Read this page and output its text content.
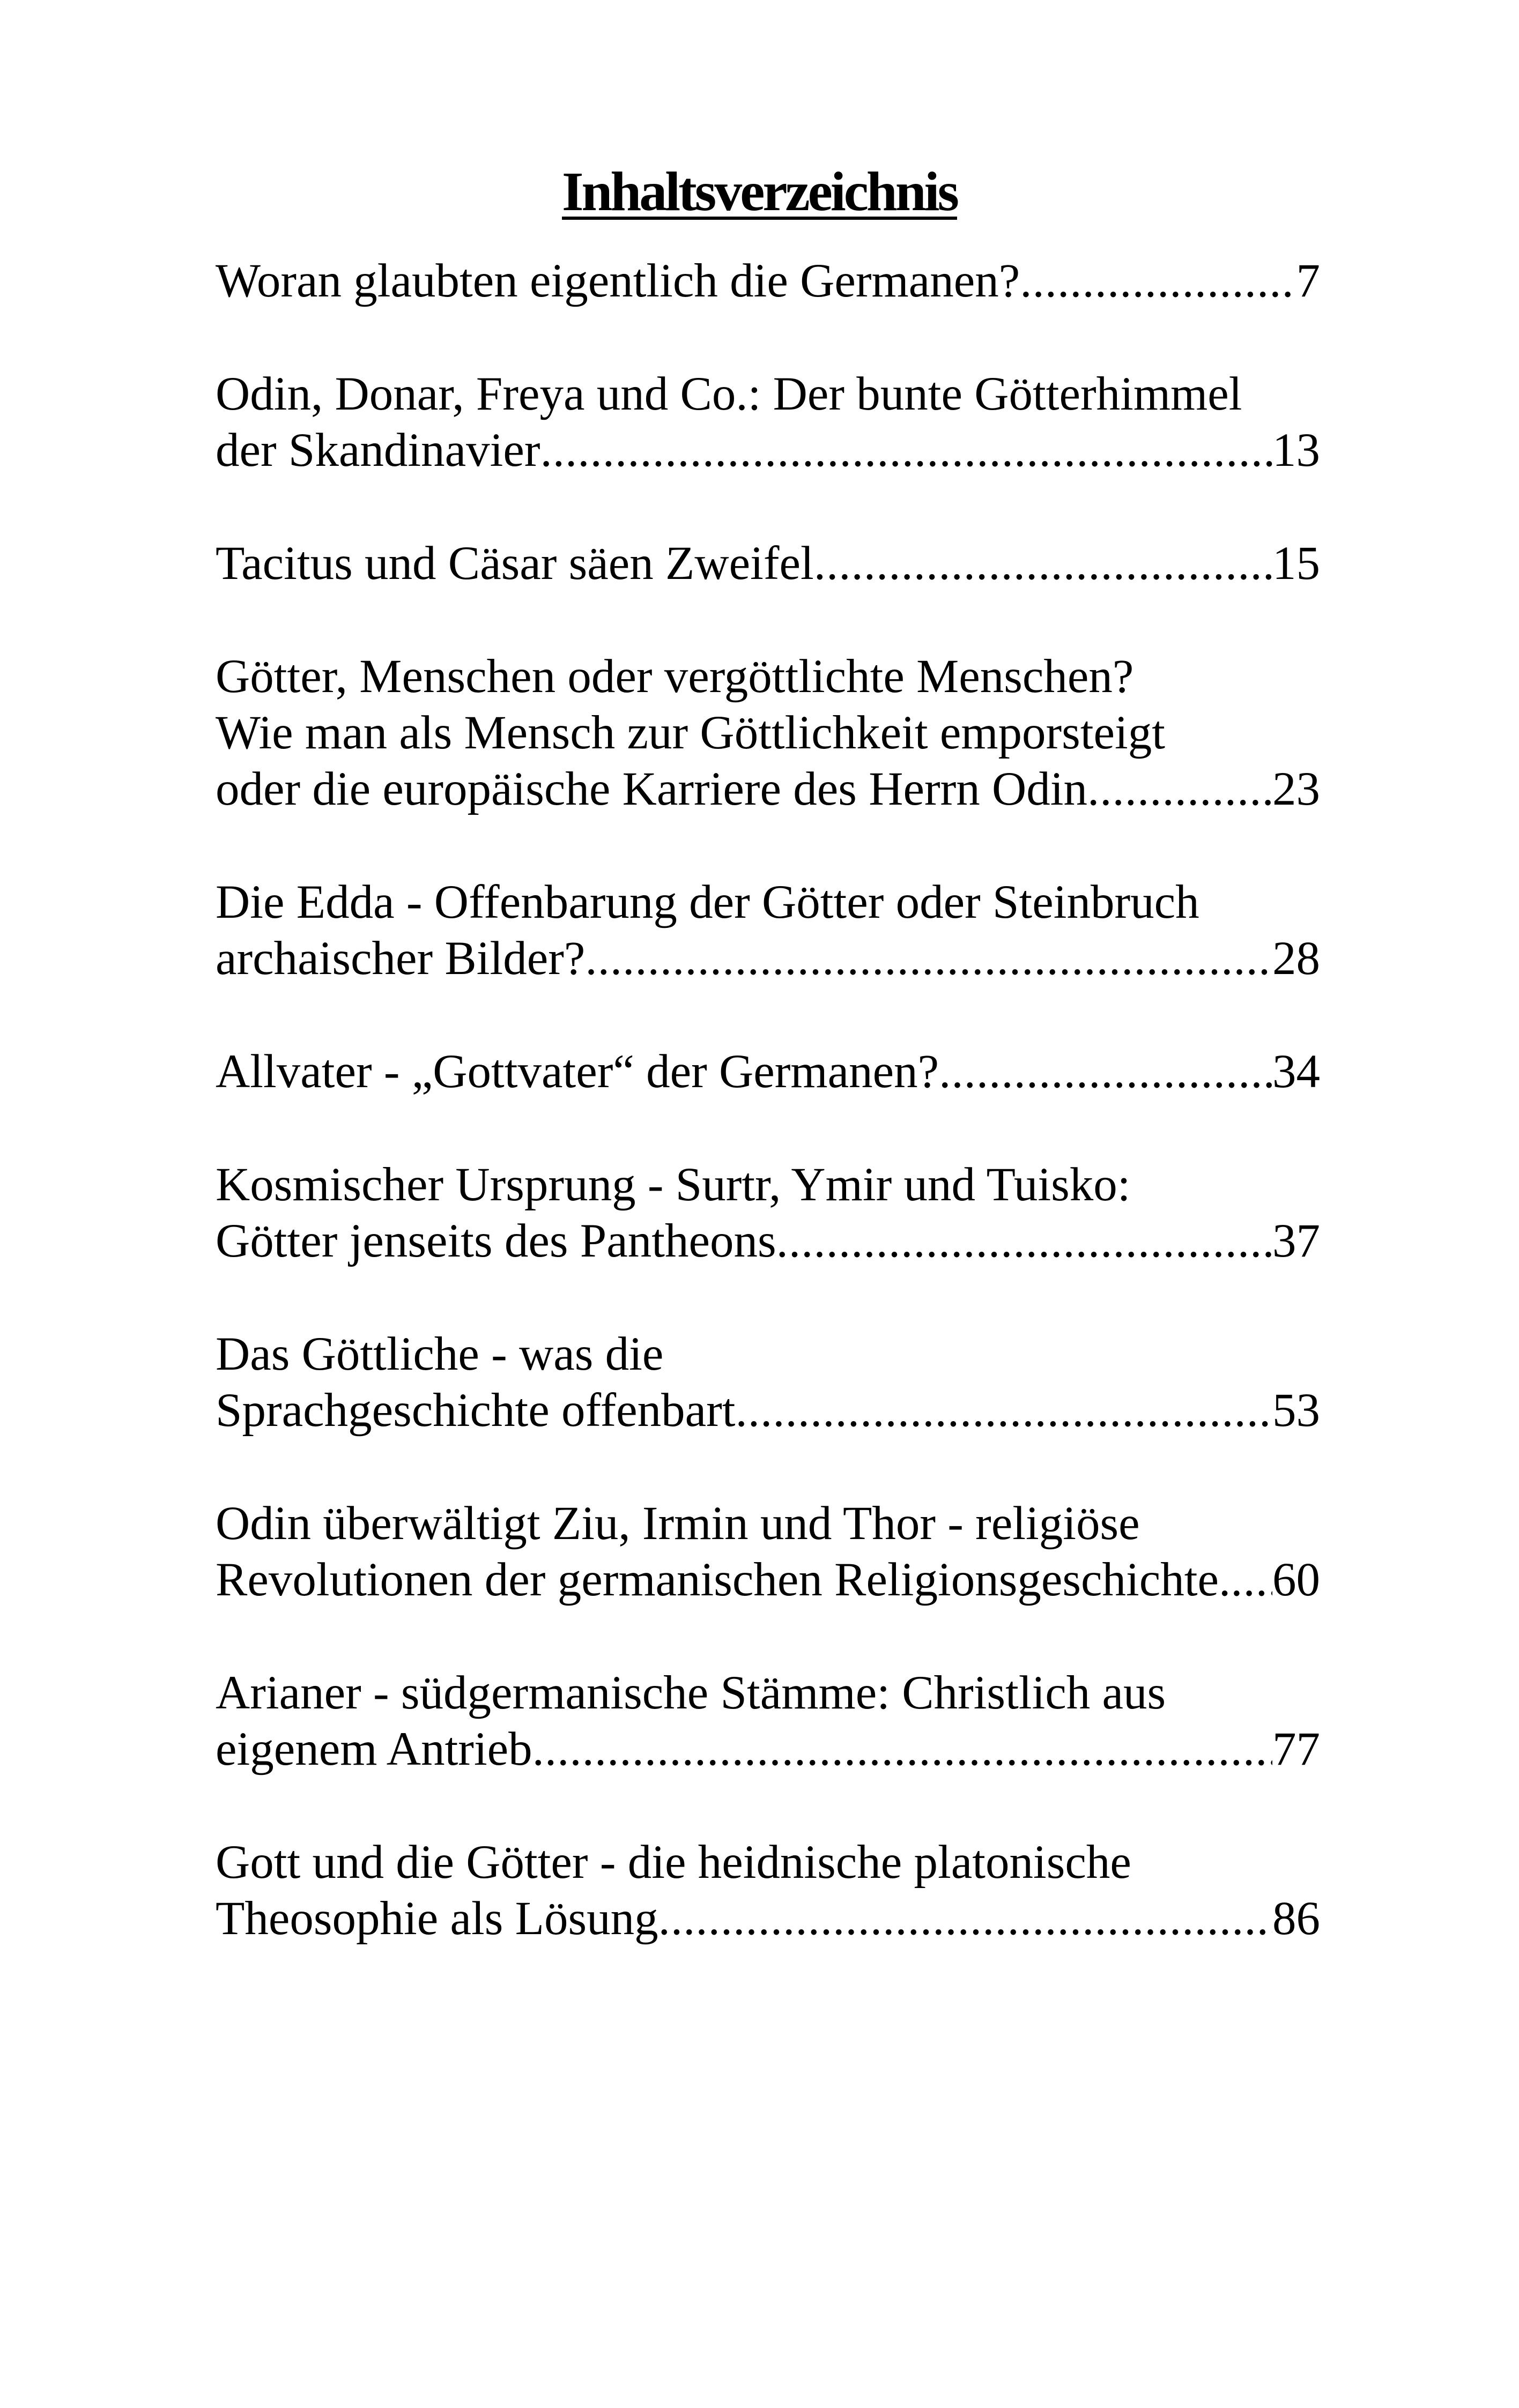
Inhaltsverzeichnis
Woran glaubten eigentlich die Germanen? .....	7
Odin, Donar, Freya und Co.: Der bunte Götterhimmel
der Skandinavier .....	13
Tacitus und Cäsar säen Zweifel .....	15
Götter, Menschen oder vergöttlichte Menschen?
Wie man als Mensch zur Göttlichkeit emporsteigt
oder die europäische Karriere des Herrn Odin .....	23
Die Edda - Offenbarung der Götter oder Steinbruch
archaischer Bilder? .....	28
Allvater - „Gottvater“ der Germanen? .....	34
Kosmischer Ursprung - Surtr, Ymir und Tuisko:
Götter jenseits des Pantheons .....	37
Das Göttliche - was die
Sprachgeschichte offenbart .....	53
Odin überwältigt Ziu, Irmin und Thor - religiöse
Revolutionen der germanischen Religionsgeschichte. ..... 60
Arianer - südgermanische Stämme: Christlich aus
eigenem Antrieb .....	77
Gott und die Götter - die heidnische platonische
Theosophie als Lösung .....	86
